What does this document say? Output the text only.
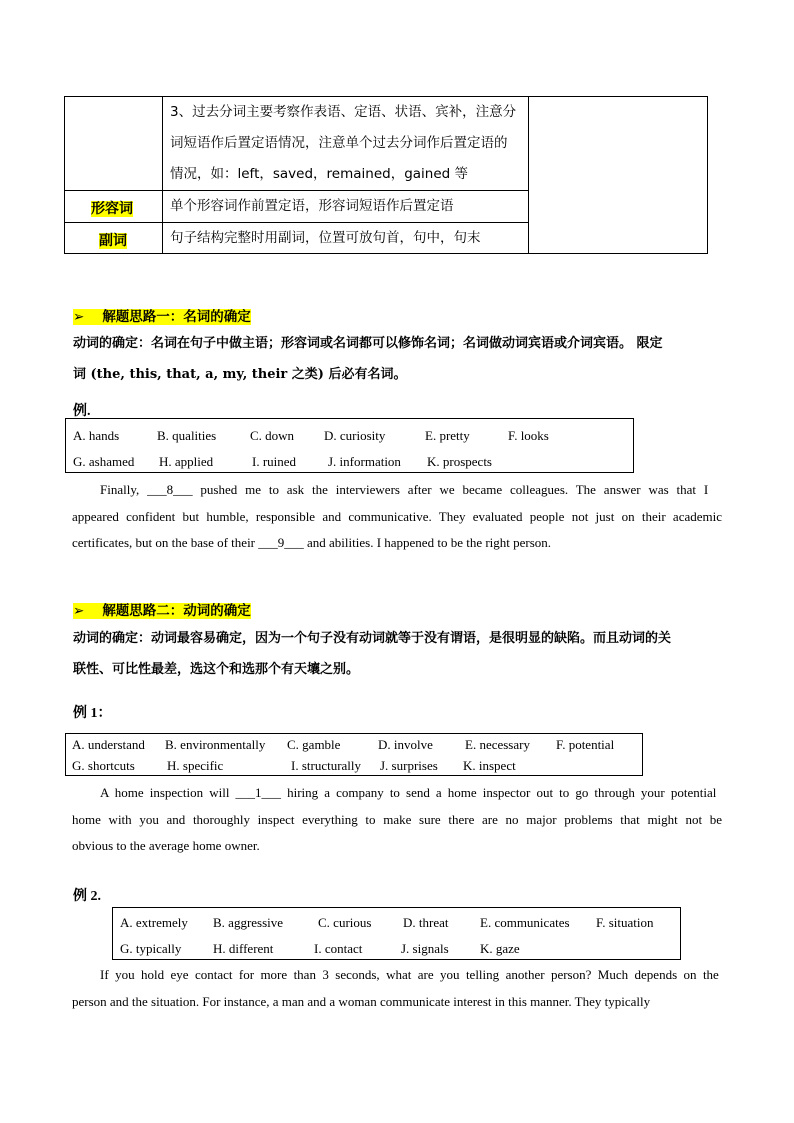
3、过去分词主要考察作表语、定语、状语、宾补，注意分
词短语作后置定语情况，注意单个过去分词作后置定语的
情况，如：left，saved，remained，gained 等
形容词	单个形容词作前置定语，形容词短语作后置定语
副词	句子结构完整时用副词，位置可放句首，句中，句末
➢ 解题思路一：名词的确定
动词的确定：名词在句子中做主语；形容词或名词都可以修饰名词；名词做动词宾语或介词宾语。 限定
词 (the, this, that, a, my, their 之类) 后必有名词。
例.
A. hands	B. qualities	C. down D. curiosity	E. pretty	F. looks
G. ashamed H. applied	I. ruined J. information K. prospects
Finally, ___8___ pushed me to ask the interviewers after we became colleagues. The answer was that I
appeared confident but humble, responsible and communicative. They evaluated people not just on their academic
certificates, but on the base of their ___9___ and abilities. I happened to be the right person.
➢ 解题思路二：动词的确定
动词的确定：动词最容易确定，因为一个句子没有动词就等于没有谓语，是很明显的缺陷。而且动词的关
联性、可比性最差，选这个和选那个有天壤之别。
例 1：
A. understand B. environmentally C. gamble	D. involve E. necessary F. potential
G. shortcuts H. specific	I. structurally J. surprises K. inspect
A home inspection will ___1___ hiring a company to send a home inspector out to go through your potential
home with you and thoroughly inspect everything to make sure there are no major problems that might not be
obvious to the average home owner.
例 2.
A. extremely B. aggressive	C. curious D. threat E. communicates F. situation
G. typically H. different	I. contact	J. signals K. gaze
If you hold eye contact for more than 3 seconds, what are you telling another person? Much depends on the
person and the situation. For instance, a man and a woman communicate interest in this manner. They typically
